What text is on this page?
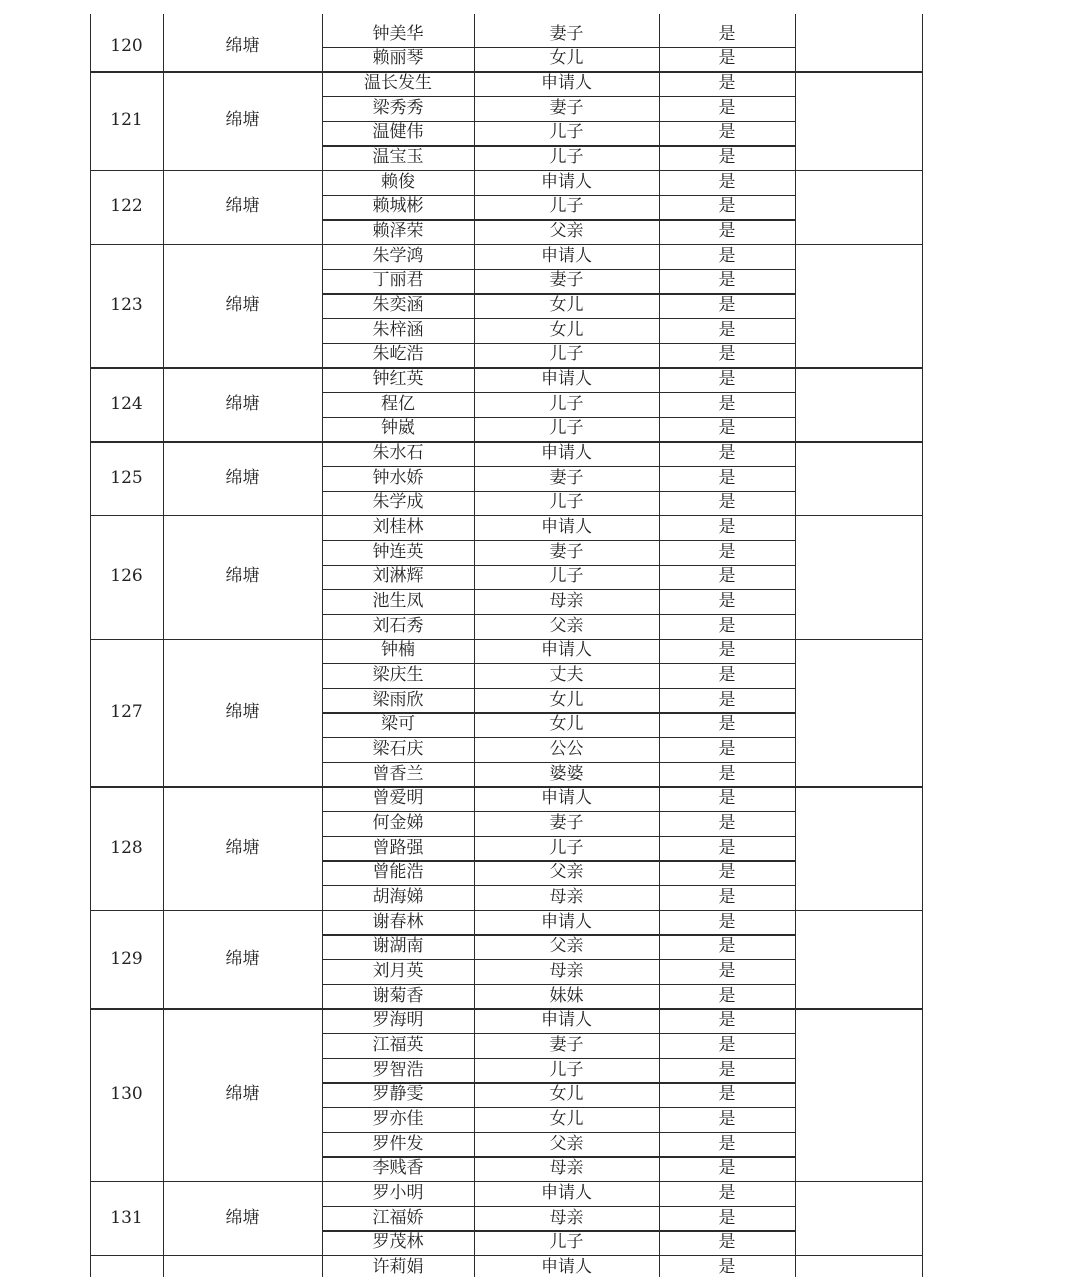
120	绵塘
钟美华	妻子	是
赖丽琴	女儿	是
121	绵塘
温长发生	申请人	是
梁秀秀	妻子	是
温健伟	儿子	是
温宝玉	儿子	是
122	绵塘
赖俊	申请人	是
赖城彬	儿子	是
赖泽荣	父亲	是
123	绵塘
朱学鸿	申请人	是
丁丽君	妻子	是
朱奕涵	女儿	是
朱梓涵	女儿	是
朱屹浩	儿子	是
124	绵塘
钟红英	申请人	是
程亿	儿子	是
钟崴	儿子	是
125	绵塘
朱水石	申请人	是
钟水娇	妻子	是
朱学成	儿子	是
126	绵塘
刘桂林	申请人	是
钟连英	妻子	是
刘淋辉	儿子	是
池生凤	母亲	是
刘石秀	父亲	是
127	绵塘
钟楠	申请人	是
梁庆生	丈夫	是
梁雨欣	女儿	是
梁可	女儿	是
梁石庆	公公	是
曾香兰	婆婆	是
128	绵塘
曾爱明	申请人	是
何金娣	妻子	是
曾路强	儿子	是
曾能浩	父亲	是
胡海娣	母亲	是
129	绵塘
谢春林	申请人	是
谢湖南	父亲	是
刘月英	母亲	是
谢菊香	妹妹	是
130	绵塘
罗海明	申请人	是
江福英	妻子	是
罗智浩	儿子	是
罗静雯	女儿	是
罗亦佳	女儿	是
罗件发	父亲	是
李贱香	母亲	是
131	绵塘
罗小明	申请人	是
江福娇	母亲	是
罗茂林	儿子	是
许莉娟	申请人	是
